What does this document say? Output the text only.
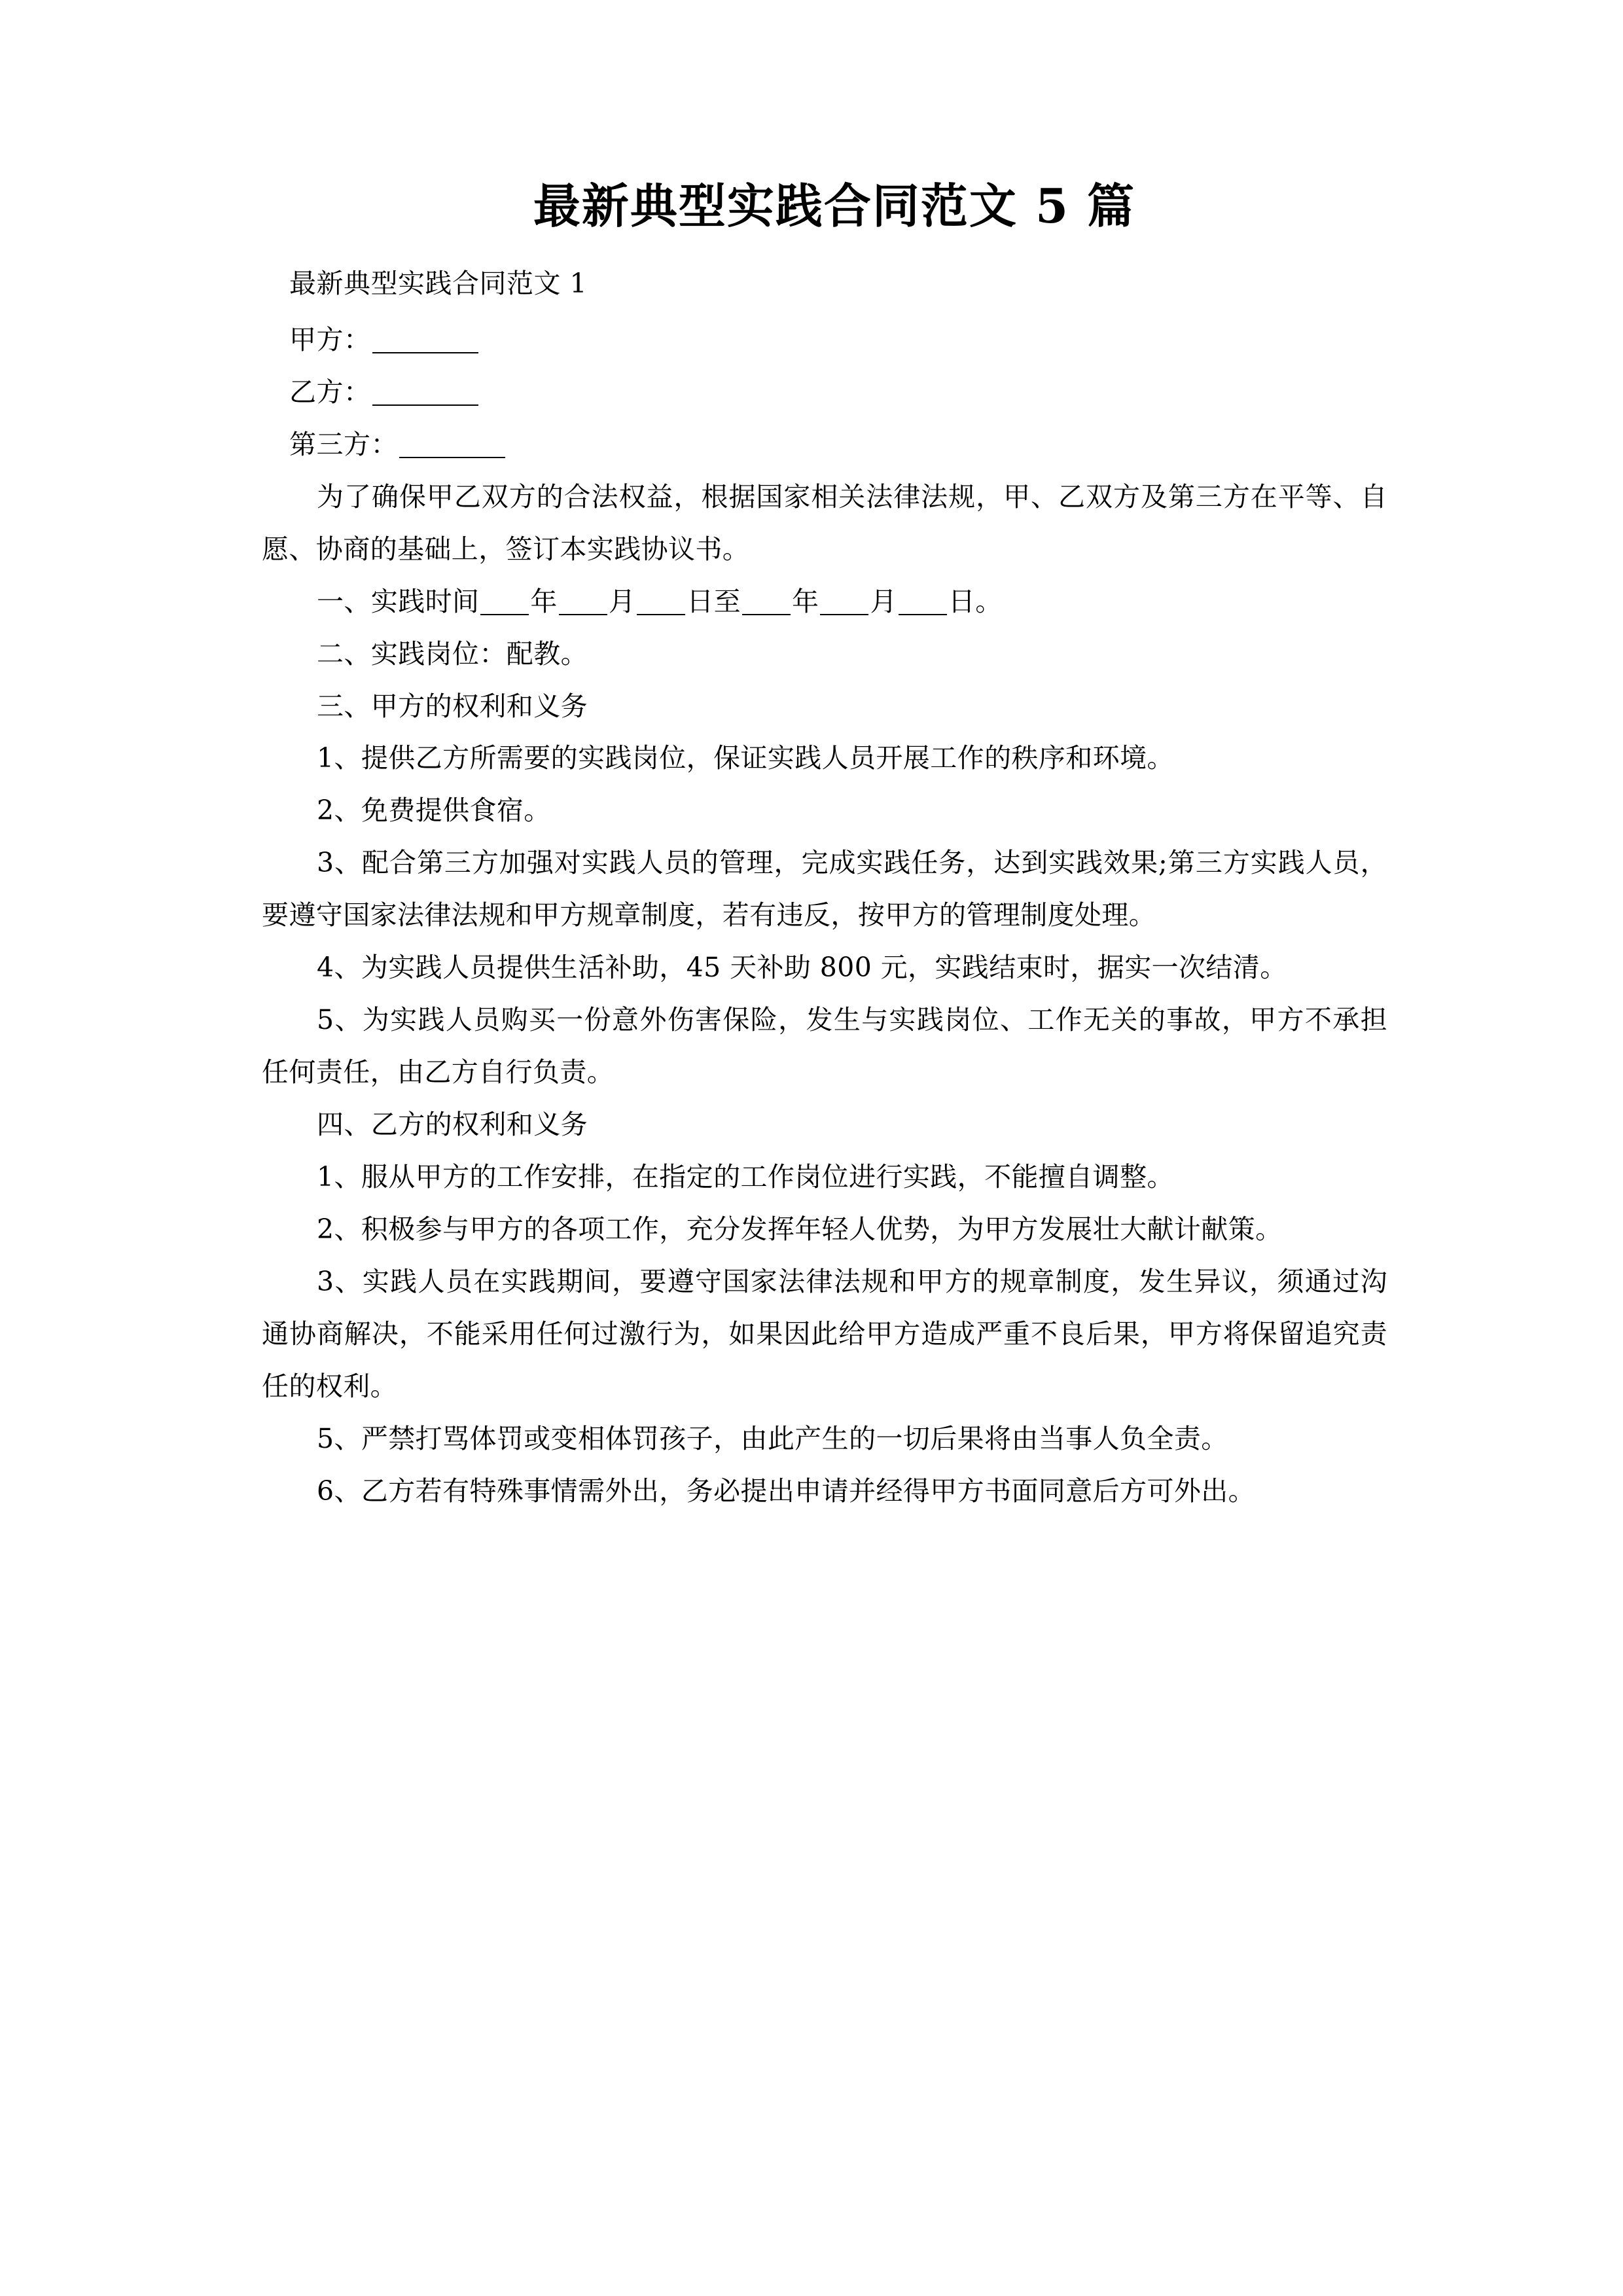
最新典型实践合同范文 5 篇

最新典型实践合同范文 1

甲方：

乙方：

第三方：

为了确保甲乙双方的合法权益，根据国家相关法律法规，甲、乙双方及第三方在平等、自愿、协商的基础上，签订本实践协议书。

一、实践时间 年 月 日至 年 月 日。

二、实践岗位：配教。

三、甲方的权利和义务

1、提供乙方所需要的实践岗位，保证实践人员开展工作的秩序和环境。

2、免费提供食宿。

3、配合第三方加强对实践人员的管理，完成实践任务，达到实践效果;第三方实践人员，要遵守国家法律法规和甲方规章制度，若有违反，按甲方的管理制度处理。

4、为实践人员提供生活补助，45 天补助 800 元，实践结束时，据实一次结清。

5、为实践人员购买一份意外伤害保险，发生与实践岗位、工作无关的事故，甲方不承担任何责任，由乙方自行负责。

四、乙方的权利和义务

1、服从甲方的工作安排，在指定的工作岗位进行实践，不能擅自调整。

2、积极参与甲方的各项工作，充分发挥年轻人优势，为甲方发展壮大献计献策。

3、实践人员在实践期间，要遵守国家法律法规和甲方的规章制度，发生异议，须通过沟通协商解决，不能采用任何过激行为，如果因此给甲方造成严重不良后果，甲方将保留追究责任的权利。

5、严禁打骂体罚或变相体罚孩子，由此产生的一切后果将由当事人负全责。

6、乙方若有特殊事情需外出，务必提出申请并经得甲方书面同意后方可外出。
